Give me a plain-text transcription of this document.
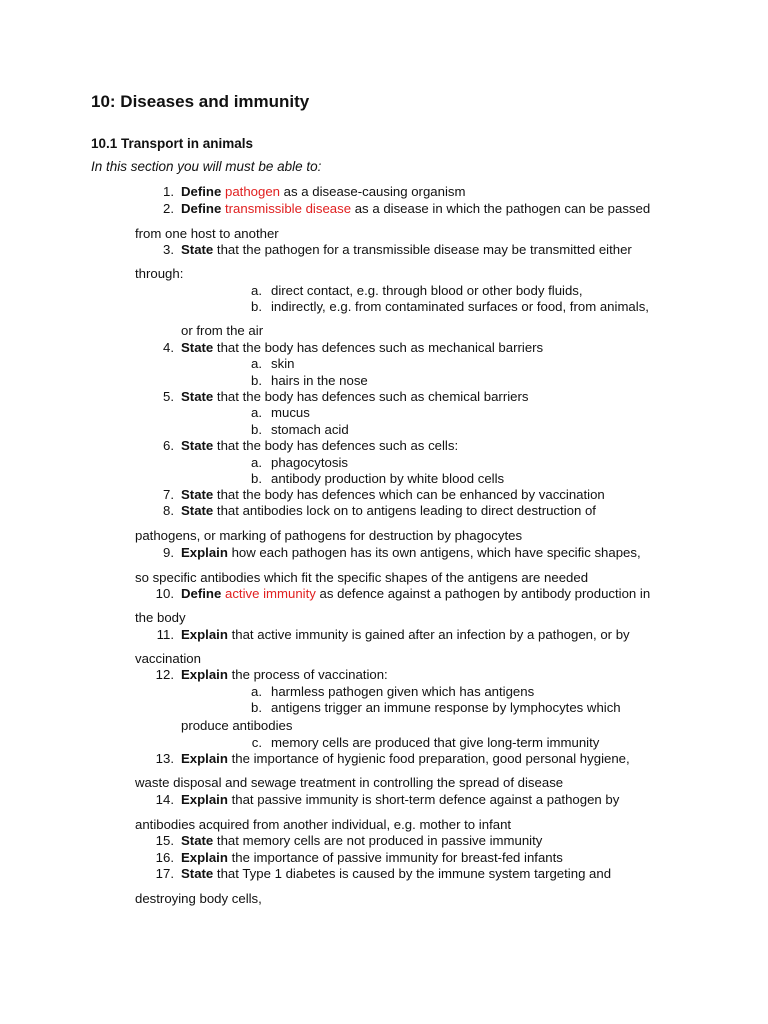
10: Diseases and immunity
10.1 Transport in animals
In this section you will must be able to:
1. Define pathogen as a disease-causing organism
2. Define transmissible disease as a disease in which the pathogen can be passed
from one host to another
3. State that the pathogen for a transmissible disease may be transmitted either
through:
a. direct contact, e.g. through blood or other body fluids,
b. indirectly, e.g. from contaminated surfaces or food, from animals,
or from the air
4. State that the body has defences such as mechanical barriers
a. skin
b. hairs in the nose
5. State that the body has defences such as chemical barriers
a. mucus
b. stomach acid
6. State that the body has defences such as cells:
a. phagocytosis
b. antibody production by white blood cells
7. State that the body has defences which can be enhanced by vaccination
8. State that antibodies lock on to antigens leading to direct destruction of
pathogens, or marking of pathogens for destruction by phagocytes
9. Explain how each pathogen has its own antigens, which have specific shapes,
so specific antibodies which fit the specific shapes of the antigens are needed
10. Define active immunity as defence against a pathogen by antibody production in
the body
11. Explain that active immunity is gained after an infection by a pathogen, or by
vaccination
12. Explain the process of vaccination:
a. harmless pathogen given which has antigens
b. antigens trigger an immune response by lymphocytes which
produce antibodies
c. memory cells are produced that give long-term immunity
13. Explain the importance of hygienic food preparation, good personal hygiene,
waste disposal and sewage treatment in controlling the spread of disease
14. Explain that passive immunity is short-term defence against a pathogen by
antibodies acquired from another individual, e.g. mother to infant
15. State that memory cells are not produced in passive immunity
16. Explain the importance of passive immunity for breast-fed infants
17. State that Type 1 diabetes is caused by the immune system targeting and
destroying body cells,
